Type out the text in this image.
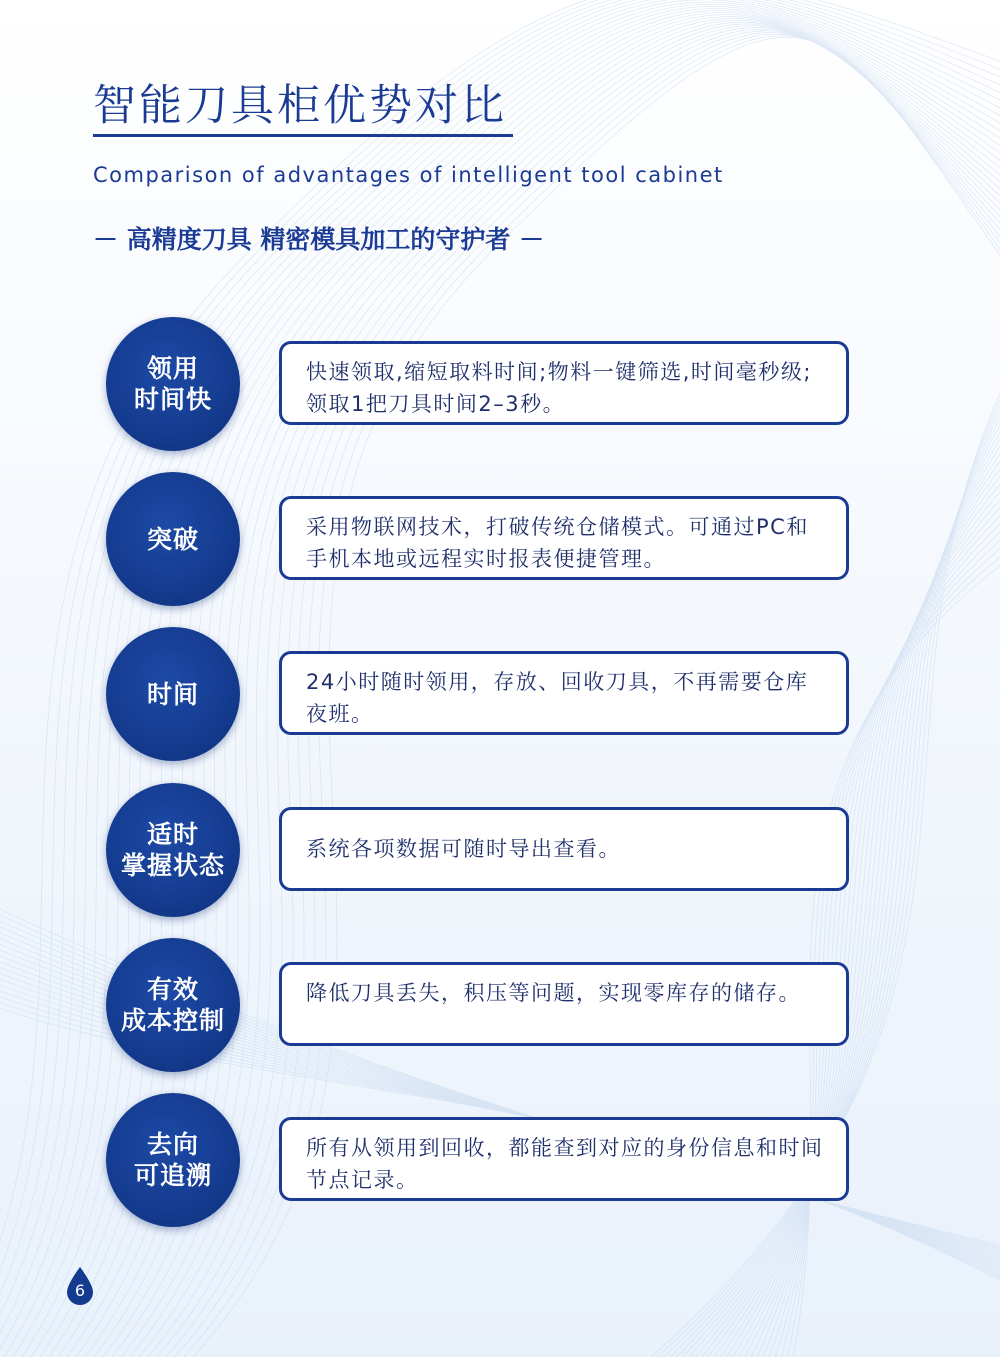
智能刀具柜优势对比
Comparison of advantages of intelligent tool cabinet
－ 高精度刀具 精密模具加工的守护者 －
领用
时间快
快速领取,缩短取料时间;物料一键筛选,时间毫秒级;领取1把刀具时间2–3秒。
突破	采用物联网技术，打破传统仓储模式。可通过PC和手机本地或远程实时报表便捷管理。
时间	24小时随时领用，存放、回收刀具，不再需要仓库夜班。
适时
掌握状态
系统各项数据可随时导出查看。
有效
成本控制
降低刀具丢失，积压等问题，实现零库存的储存。
去向
可追溯
所有从领用到回收，都能查到对应的身份信息和时间节点记录。
6
